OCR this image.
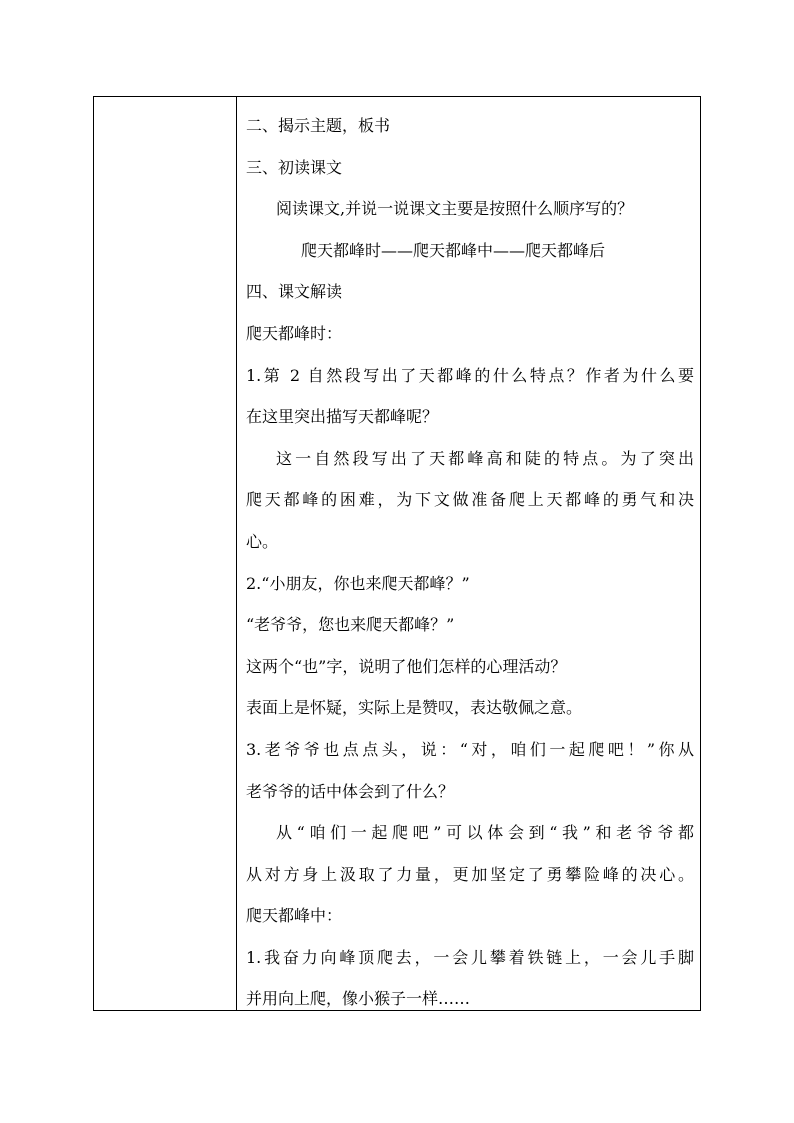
二、揭示主题，板书
三、初读课文
阅读课文,并说一说课文主要是按照什么顺序写的？
爬天都峰时——爬天都峰中——爬天都峰后
四、课文解读
爬天都峰时：
1.第 2 自然段写出了天都峰的什么特点？作者为什么要
在这里突出描写天都峰呢？
这一自然段写出了天都峰高和陡的特点。为了突出
爬天都峰的困难，为下文做准备爬上天都峰的勇气和决
心。
2.“小朋友，你也来爬天都峰？”
“老爷爷，您也来爬天都峰？”
这两个“也”字，说明了他们怎样的心理活动？
表面上是怀疑，实际上是赞叹，表达敬佩之意。
3.老爷爷也点点头，说：“对，咱们一起爬吧！”你从
老爷爷的话中体会到了什么？
从“咱们一起爬吧”可以体会到“我”和老爷爷都
从对方身上汲取了力量，更加坚定了勇攀险峰的决心。
爬天都峰中：
1.我奋力向峰顶爬去，一会儿攀着铁链上，一会儿手脚
并用向上爬，像小猴子一样……
